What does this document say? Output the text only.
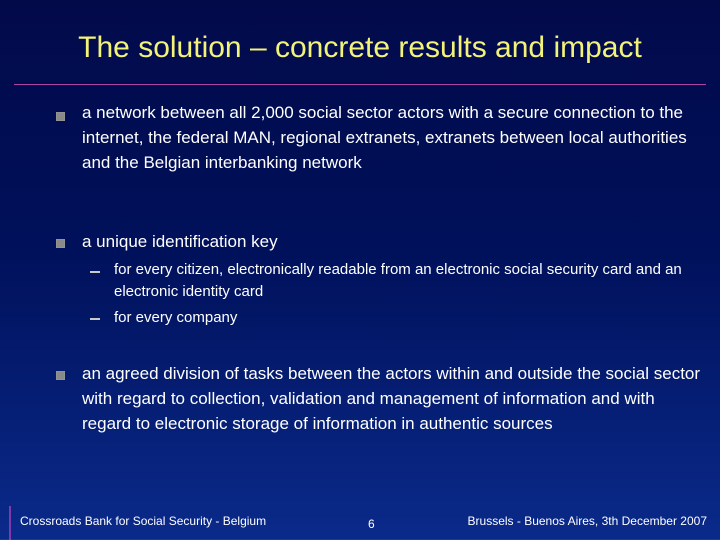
The solution – concrete results and impact
a network between all 2,000 social sector actors with a secure connection to the internet, the federal MAN, regional extranets, extranets between local authorities and the Belgian interbanking network
a unique identification key
for every citizen, electronically readable from an electronic social security card and an electronic identity card
for every company
an agreed division of tasks between the actors within and outside the social sector with regard to collection, validation and management of information and with regard to electronic storage of information in authentic sources
Crossroads Bank for Social Security - Belgium	6	Brussels - Buenos Aires, 3th December 2007
